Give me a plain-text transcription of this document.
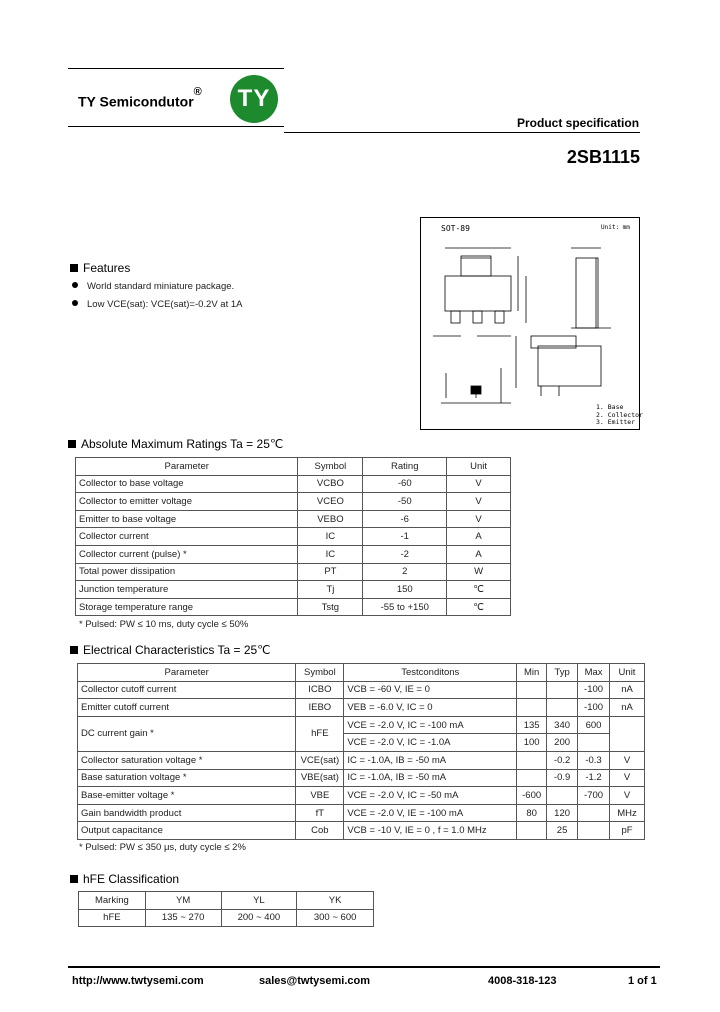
TY Semicondutor®	TY
Product specification
2SB1115
SOT-89	Unit: mm
1. Base
2. Collector
3. Emitter
Features
World standard miniature package.
Low VCE(sat): VCE(sat)=-0.2V at 1A
Absolute Maximum Ratings Ta = 25℃
Parameter	Symbol	Rating	Unit
Collector to base voltage	VCBO	-60	V
Collector to emitter voltage	VCEO	-50	V
Emitter to base voltage	VEBO	-6	V
Collector current	IC	-1	A
Collector current (pulse) *	IC	-2	A
Total power dissipation	PT	2	W
Junction temperature	Tj	150	℃
Storage temperature range	Tstg	-55 to +150	℃
* Pulsed: PW ≤ 10 ms, duty cycle ≤ 50%
Electrical Characteristics Ta = 25℃
Parameter	Symbol	Testconditons	Min	Typ	Max	Unit
Collector cutoff current	ICBO	VCB = -60 V, IE = 0			-100	nA
Emitter cutoff current	IEBO	VEB = -6.0 V, IC = 0			-100	nA
DC current gain *	hFE	VCE = -2.0 V, IC = -100 mA	135	340	600	
		VCE = -2.0 V, IC = -1.0A	100	200		
Collector saturation voltage *	VCE(sat)	IC = -1.0A, IB = -50 mA		-0.2	-0.3	V
Base saturation voltage *	VBE(sat)	IC = -1.0A, IB = -50 mA		-0.9	-1.2	V
Base-emitter voltage *	VBE	VCE = -2.0 V, IC = -50 mA	-600		-700	V
Gain bandwidth product	fT	VCE = -2.0 V, IE = -100 mA	80	120		MHz
Output capacitance	Cob	VCB = -10 V, IE = 0 , f = 1.0 MHz		25		pF
* Pulsed: PW ≤ 350 μs, duty cycle ≤ 2%
hFE Classification
Marking	YM	YL	YK
hFE	135 ~ 270	200 ~ 400	300 ~ 600
http://www.twtysemi.com	sales@twtysemi.com	4008-318-123	1 of 1
